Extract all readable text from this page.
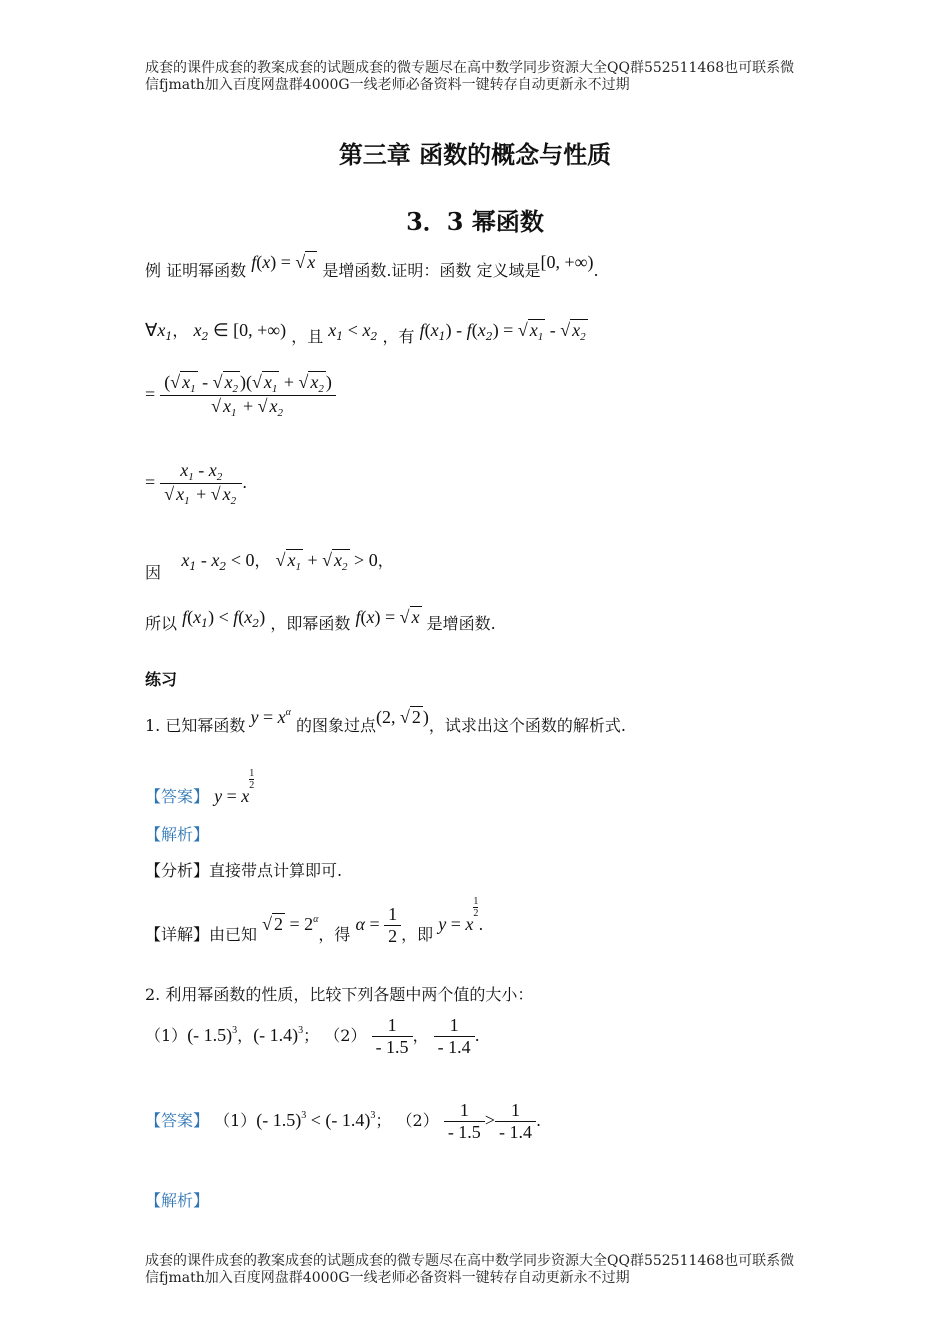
成套的课件成套的教案成套的试题成套的微专题尽在高中数学同步资源大全QQ群552511468也可联系微
信fjmath加入百度网盘群4000G一线老师必备资料一键转存自动更新永不过期
第三章 函数的概念与性质
3．3 幂函数
例 证明幂函数 f(x) = √ x 是增函数.证明：函数 定义域是[0, +∞).
$\forall x_1$， $x_2$ ∈ [0, +∞) ，且 $x_1 < x_2$ ，有 $f(x_1) - f(x_2)$ = √ $x_1$ - √ $x_2$
= $\frac{(√ x_1 - √ x_2 )(√ x_1 + √ x_2 )}{√ x_1 + √ x_2}$
= $\frac{x_1 - x_2}{√ x_1 + √ x_2}$ .
因    $x_1 - x_2 < 0$， √ $x_1$ + √ $x_2 > 0$，
所以 $f(x_1) < f(x_2)$ ，即幂函数 f(x) = √ x 是增函数.
练习
1. 已知幂函数 $y = x^\alpha$ 的图象过点(2, √ 2 )，试求出这个函数的解析式.
【答案】 y = x
$\frac{1}{2}$
【解析】
【分析】直接带点计算即可.
【详解】由已知 √ $2 = 2^\alpha$，得 $\alpha = \frac{1}{2}$ ，即 y = x
$\frac{1}{2}$
.
2. 利用幂函数的性质，比较下列各题中两个值的大小：
（1）(- 1.5)$^3$，(- 1.4)$^3$； $(2) \frac{1}{- 1.5}$ ， $\frac{1}{- 1.4}$ .
【答案】 （1）(- 1.5)$^3$ < (- 1.4)$^3$； $(2) \frac{1}{- 1.5} > \frac{1}{- 1.4}$ .
【解析】
成套的课件成套的教案成套的试题成套的微专题尽在高中数学同步资源大全QQ群552511468也可联系微
信fjmath加入百度网盘群4000G一线老师必备资料一键转存自动更新永不过期
